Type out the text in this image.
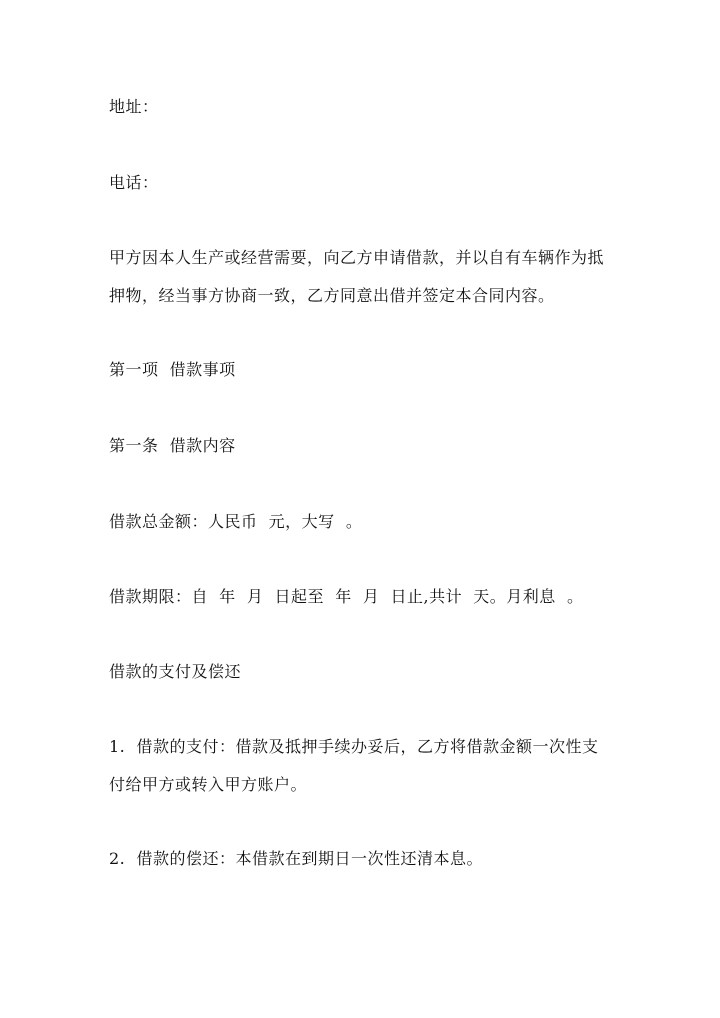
地址：
电话：
甲方因本人生产或经营需要，向乙方申请借款，并以自有车辆作为抵
押物，经当事方协商一致，乙方同意出借并签定本合同内容。
第一项  借款事项
第一条  借款内容
借款总金额：人民币  元，大写  。
借款期限：自  年  月  日起至  年  月  日止,共计  天。月利息  。
借款的支付及偿还
1.  借款的支付：借款及抵押手续办妥后，乙方将借款金额一次性支
付给甲方或转入甲方账户。
2.  借款的偿还：本借款在到期日一次性还清本息。
